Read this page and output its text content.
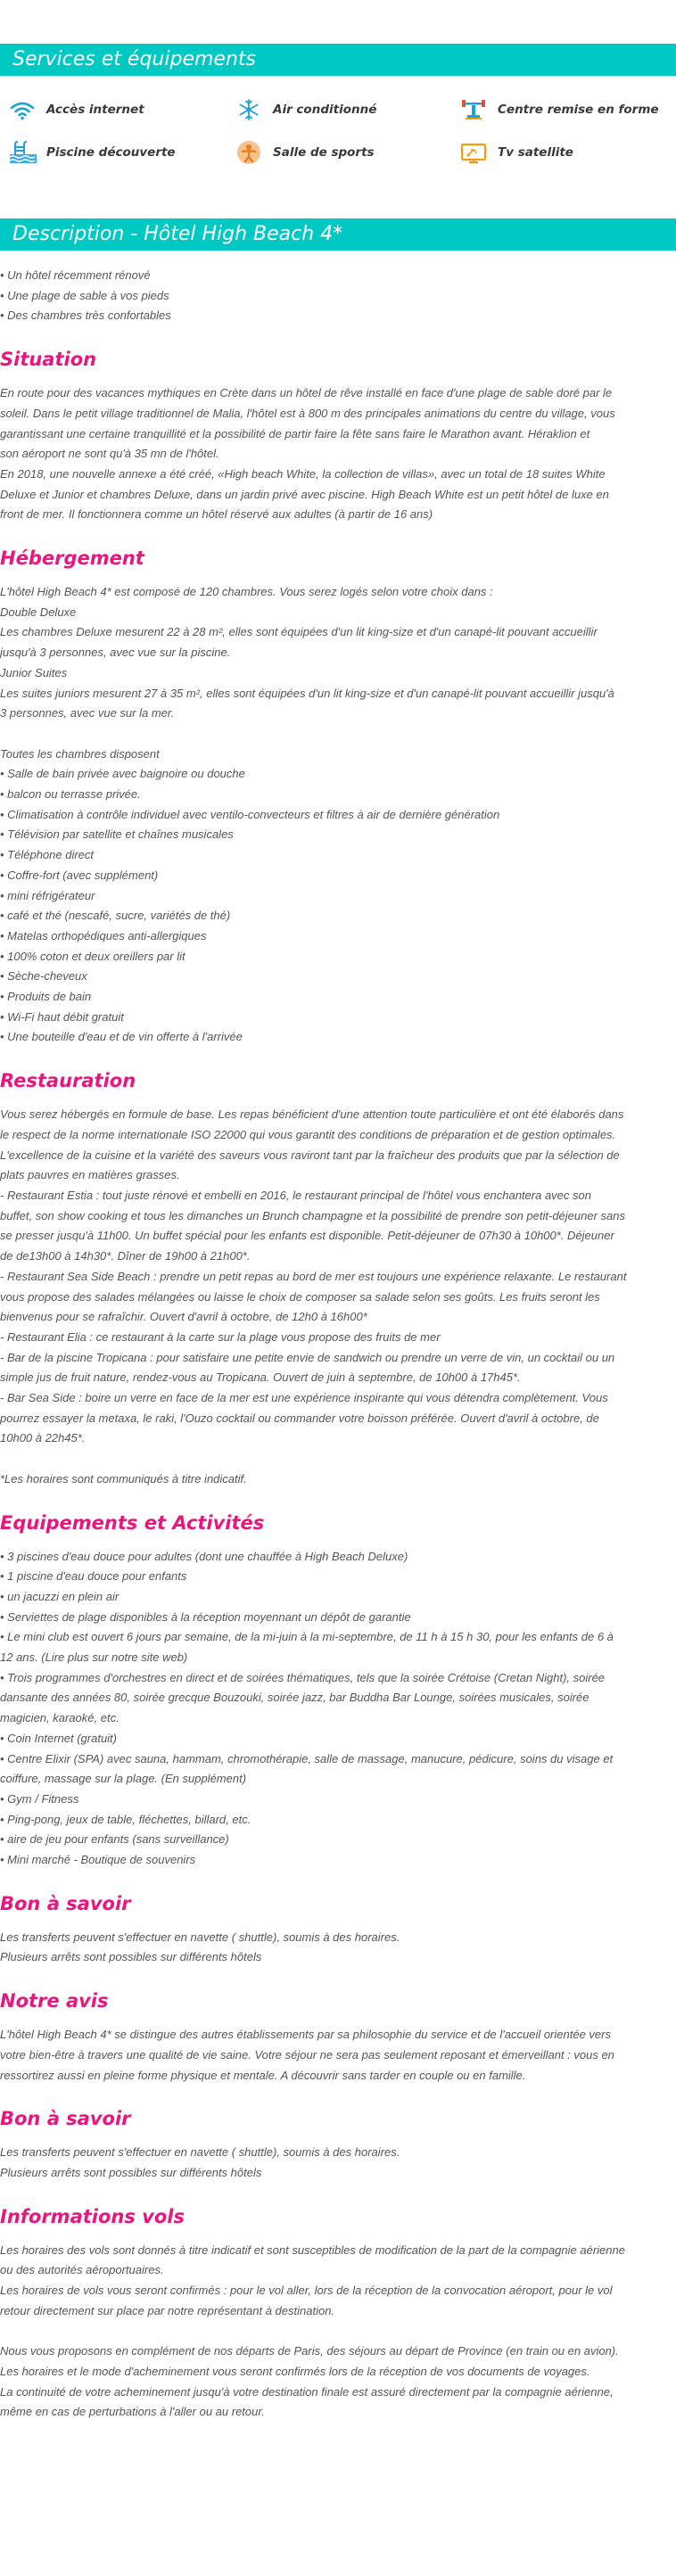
Services et équipements
Accès internet	Air conditionné	Centre remise en forme
Piscine découverte	Salle de sports	Tv satellite
Description - Hôtel High Beach 4*
• Un hôtel récemment rénové
• Une plage de sable à vos pieds
• Des chambres très confortables
Situation
En route pour des vacances mythiques en Crète dans un hôtel de rêve installé en face d'une plage de sable doré par le
soleil. Dans le petit village traditionnel de Malia, l'hôtel est à 800 m des principales animations du centre du village, vous
garantissant une certaine tranquillité et la possibilité de partir faire la fête sans faire le Marathon avant. Héraklion et
son aéroport ne sont qu'à 35 mn de l'hôtel.
En 2018, une nouvelle annexe a été créé, «High beach White, la collection de villas», avec un total de 18 suites White
Deluxe et Junior et chambres Deluxe, dans un jardin privé avec piscine. High Beach White est un petit hôtel de luxe en
front de mer. Il fonctionnera comme un hôtel réservé aux adultes (à partir de 16 ans)
Hébergement
L'hôtel High Beach 4* est composé de 120 chambres. Vous serez logés selon votre choix dans :
Double Deluxe
Les chambres Deluxe mesurent 22 à 28 m², elles sont équipées d'un lit king-size et d'un canapé-lit pouvant accueillir
jusqu'à 3 personnes, avec vue sur la piscine.
Junior Suites
Les suites juniors mesurent 27 à 35 m², elles sont équipées d'un lit king-size et d'un canapé-lit pouvant accueillir jusqu'à
3 personnes, avec vue sur la mer.
Toutes les chambres disposent
• Salle de bain privée avec baignoire ou douche
• balcon ou terrasse privée.
• Climatisation à contrôle individuel avec ventilo-convecteurs et filtres à air de dernière génération
• Télévision par satellite et chaînes musicales
• Téléphone direct
• Coffre-fort (avec supplément)
• mini réfrigérateur
• café et thé (nescafé, sucre, variétés de thé)
• Matelas orthopédiques anti-allergiques
• 100% coton et deux oreillers par lit
• Sèche-cheveux
• Produits de bain
• Wi-Fi haut débit gratuit
• Une bouteille d'eau et de vin offerte à l'arrivée
Restauration
Vous serez hébergés en formule de base. Les repas bénéficient d'une attention toute particulière et ont été élaborés dans
le respect de la norme internationale ISO 22000 qui vous garantit des conditions de préparation et de gestion optimales.
L'excellence de la cuisine et la variété des saveurs vous raviront tant par la fraîcheur des produits que par la sélection de
plats pauvres en matières grasses.
- Restaurant Estia : tout juste rénové et embelli en 2016, le restaurant principal de l'hôtel vous enchantera avec son
buffet, son show cooking et tous les dimanches un Brunch champagne et la possibilité de prendre son petit-déjeuner sans
se presser jusqu'à 11h00. Un buffet spécial pour les enfants est disponible. Petit-déjeuner de 07h30 à 10h00*. Déjeuner
de de13h00 à 14h30*. Dîner de 19h00 à 21h00*.
- Restaurant Sea Side Beach : prendre un petit repas au bord de mer est toujours une expérience relaxante. Le restaurant
vous propose des salades mélangées ou laisse le choix de composer sa salade selon ses goûts. Les fruits seront les
bienvenus pour se rafraîchir. Ouvert d'avril à octobre, de 12h0 à 16h00*
- Restaurant Elia : ce restaurant à la carte sur la plage vous propose des fruits de mer
- Bar de la piscine Tropicana : pour satisfaire une petite envie de sandwich ou prendre un verre de vin, un cocktail ou un
simple jus de fruit nature, rendez-vous au Tropicana. Ouvert de juin à septembre, de 10h00 à 17h45*.
- Bar Sea Side : boire un verre en face de la mer est une expérience inspirante qui vous détendra complètement. Vous
pourrez essayer la metaxa, le raki, l'Ouzo cocktail ou commander votre boisson préférée. Ouvert d'avril à octobre, de
10h00 à 22h45*.
*Les horaires sont communiqués à titre indicatif.
Equipements et Activités
• 3 piscines d'eau douce pour adultes (dont une chauffée à High Beach Deluxe)
• 1 piscine d'eau douce pour enfants
• un jacuzzi en plein air
• Serviettes de plage disponibles à la réception moyennant un dépôt de garantie
• Le mini club est ouvert 6 jours par semaine, de la mi-juin à la mi-septembre, de 11 h à 15 h 30, pour les enfants de 6 à
12 ans. (Lire plus sur notre site web)
• Trois programmes d'orchestres en direct et de soirées thématiques, tels que la soirée Crétoise (Cretan Night), soirée
dansante des années 80, soirée grecque Bouzouki, soirée jazz, bar Buddha Bar Lounge, soirées musicales, soirée
magicien, karaoké, etc.
• Coin Internet (gratuit)
• Centre Elixir (SPA) avec sauna, hammam, chromothérapie, salle de massage, manucure, pédicure, soins du visage et
coiffure, massage sur la plage. (En supplément)
• Gym / Fitness
• Ping-pong, jeux de table, fléchettes, billard, etc.
• aire de jeu pour enfants (sans surveillance)
• Mini marché - Boutique de souvenirs
Bon à savoir
Les transferts peuvent s'effectuer en navette ( shuttle), soumis à des horaires.
Plusieurs arrêts sont possibles sur différents hôtels
Notre avis
L'hôtel High Beach 4* se distingue des autres établissements par sa philosophie du service et de l'accueil orientée vers
votre bien-être à travers une qualité de vie saine. Votre séjour ne sera pas seulement reposant et émerveillant : vous en
ressortirez aussi en pleine forme physique et mentale. A découvrir sans tarder en couple ou en famille.
Bon à savoir
Les transferts peuvent s'effectuer en navette ( shuttle), soumis à des horaires.
Plusieurs arrêts sont possibles sur différents hôtels
Informations vols
Les horaires des vols sont donnés à titre indicatif et sont susceptibles de modification de la part de la compagnie aérienne
ou des autorités aéroportuaires.
Les horaires de vols vous seront confirmés : pour le vol aller, lors de la réception de la convocation aéroport, pour le vol
retour directement sur place par notre représentant à destination.
Nous vous proposons en complément de nos départs de Paris, des séjours au départ de Province (en train ou en avion).
Les horaires et le mode d'acheminement vous seront confirmés lors de la réception de vos documents de voyages.
La continuité de votre acheminement jusqu'à votre destination finale est assuré directement par la compagnie aérienne,
même en cas de perturbations à l'aller ou au retour.
